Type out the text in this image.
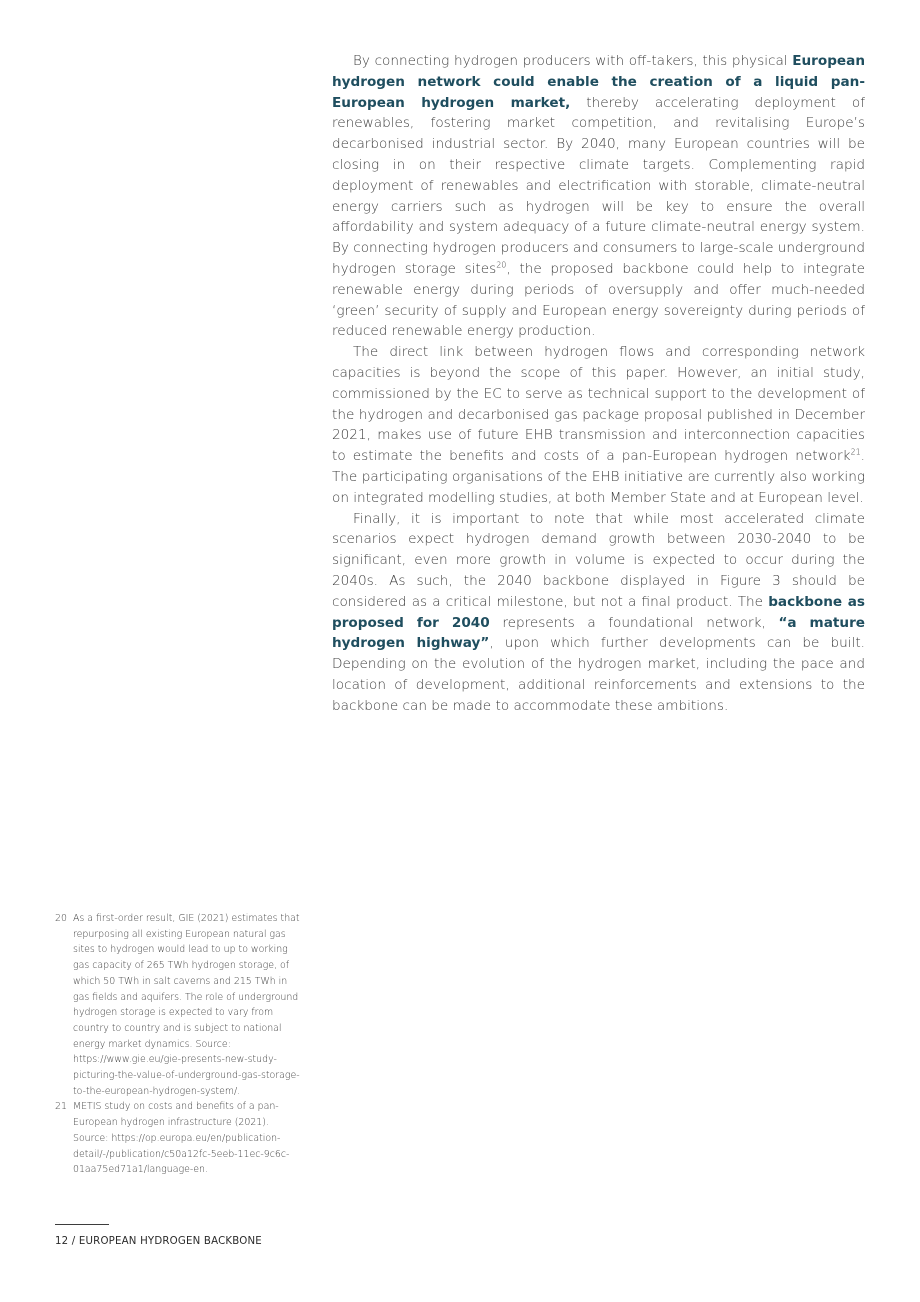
By connecting hydrogen producers with off-takers, this physical European hydrogen network could enable the creation of a liquid pan-European hydrogen market, thereby accelerating deployment of renewables, fostering market competition, and revitalising Europe’s decarbonised industrial sector. By 2040, many European countries will be closing in on their respective climate targets. Complementing rapid deployment of renewables and electrification with storable, climate-neutral energy carriers such as hydrogen will be key to ensure the overall affordability and system adequacy of a future climate-neutral energy system. By connecting hydrogen producers and consumers to large-scale underground hydrogen storage sites$^{20}$, the proposed backbone could help to integrate renewable energy during periods of oversupply and offer much-needed ‘green’ security of supply and European energy sovereignty during periods of reduced renewable energy production.

The direct link between hydrogen flows and corresponding network capacities is beyond the scope of this paper. However, an initial study, commissioned by the EC to serve as technical support to the development of the hydrogen and decarbonised gas package proposal published in December 2021, makes use of future EHB transmission and interconnection capacities to estimate the benefits and costs of a pan-European hydrogen network$^{21}$. The participating organisations of the EHB initiative are currently also working on integrated modelling studies, at both Member State and at European level.

Finally, it is important to note that while most accelerated climate scenarios expect hydrogen demand growth between 2030-2040 to be significant, even more growth in volume is expected to occur during the 2040s. As such, the 2040 backbone displayed in Figure 3 should be considered as a critical milestone, but not a final product. The backbone as proposed for 2040 represents a foundational network, “a mature hydrogen highway”, upon which further developments can be built. Depending on the evolution of the hydrogen market, including the pace and location of development, additional reinforcements and extensions to the backbone can be made to accommodate these ambitions.

20 As a first-order result, GIE (2021) estimates that repurposing all existing European natural gas sites to hydrogen would lead to up to working gas capacity of 265 TWh hydrogen storage, of which 50 TWh in salt caverns and 215 TWh in gas fields and aquifers. The role of underground hydrogen storage is expected to vary from country to country and is subject to national energy market dynamics. Source: https://www.gie.eu/gie-presents-new-study-picturing-the-value-of-underground-gas-storage-to-the-european-hydrogen-system/.
21 METIS study on costs and benefits of a pan-European hydrogen infrastructure (2021). Source: https://op.europa.eu/en/publication-detail/-/publication/c50a12fc-5eeb-11ec-9c6c-01aa75ed71a1/language-en.
12 / EUROPEAN HYDROGEN BACKBONE
